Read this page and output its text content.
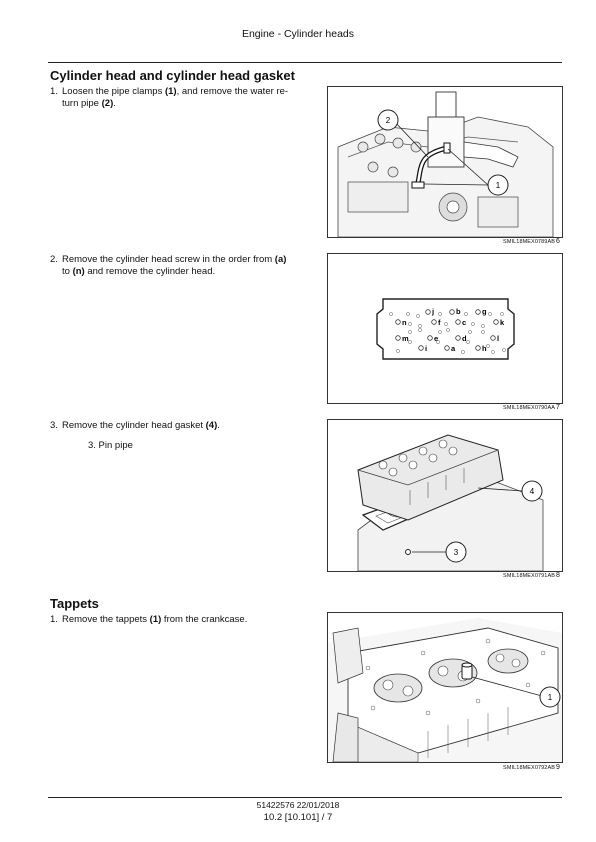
Engine - Cylinder heads
Cylinder head and cylinder head gasket
1. Loosen the pipe clamps (1), and remove the water re-
turn pipe (2).
2
1
SMIL18MEX0789AB 6
2. Remove the cylinder head screw in the order from (a)
to (n) and remove the cylinder head.
j	b	g
n	f	c	k
m	e	d	l
i	a	h
SMIL18MEX0790AA 7
3. Remove the cylinder head gasket (4).
3. Pin pipe
4
3
SMIL18MEX0791AB 8
Tappets
1. Remove the tappets (1) from the crankcase.
1
SMIL18MEX0792AB 9
51422576 22/01/2018
10.2 [10.101] / 7
